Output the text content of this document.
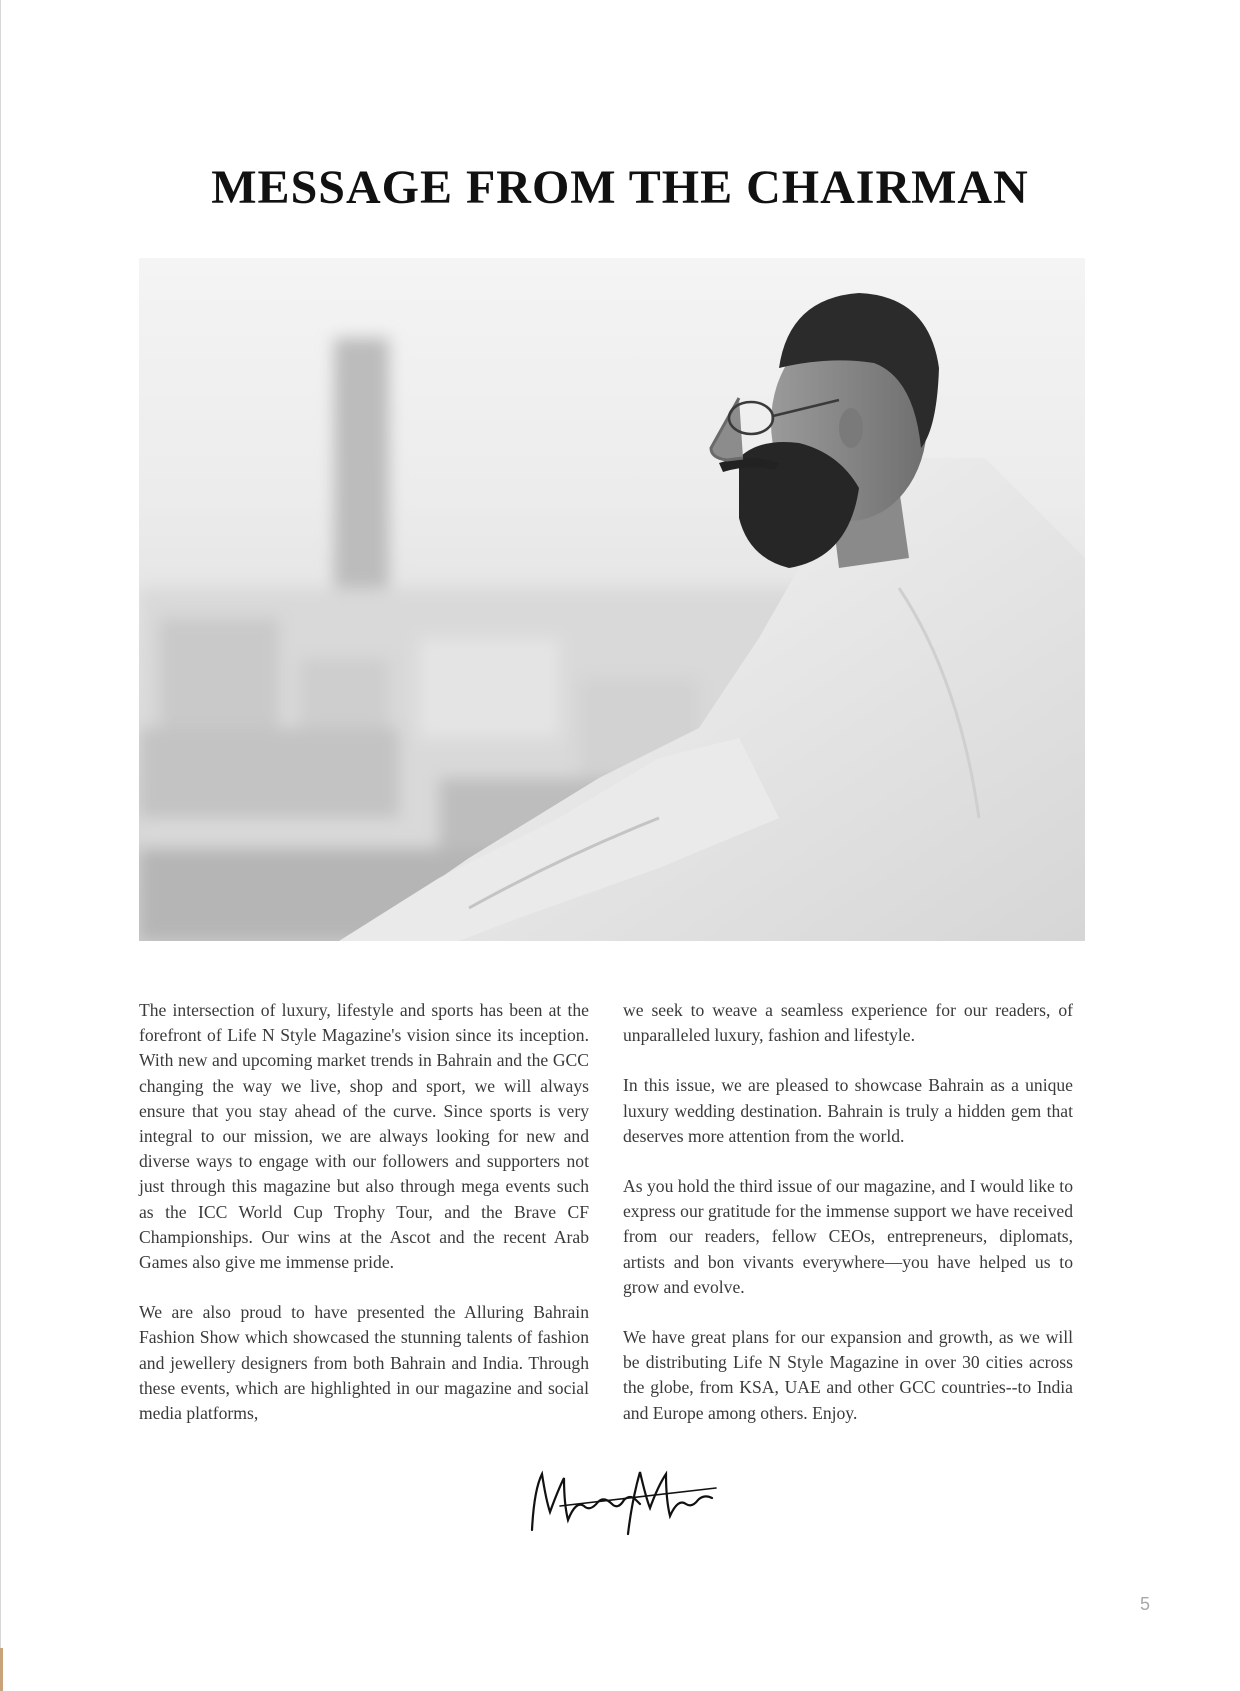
MESSAGE FROM THE CHAIRMAN

The intersection of luxury, lifestyle and sports has been at the forefront of Life N Style Magazine's vision since its inception. With new and upcoming market trends in Bahrain and the GCC changing the way we live, shop and sport, we will always ensure that you stay ahead of the curve. Since sports is very integral to our mission, we are always looking for new and diverse ways to engage with our followers and supporters not just through this magazine but also through mega events such as the ICC World Cup Trophy Tour, and the Brave CF Championships. Our wins at the Ascot and the recent Arab Games also give me immense pride.

We are also proud to have presented the Alluring Bahrain Fashion Show which showcased the stunning talents of fashion and jewellery designers from both Bahrain and India. Through these events, which are highlighted in our magazine and social media platforms,

we seek to weave a seamless experience for our readers, of unparalleled luxury, fashion and lifestyle.

In this issue, we are pleased to showcase Bahrain as a unique luxury wedding destination. Bahrain is truly a hidden gem that deserves more attention from the world.

As you hold the third issue of our magazine, and I would like to express our gratitude for the immense support we have received from our readers, fellow CEOs, entrepreneurs, diplomats, artists and bon vivants everywhere—you have helped us to grow and evolve.

We have great plans for our expansion and growth, as we will be distributing Life N Style Magazine in over 30 cities across the globe, from KSA, UAE and other GCC countries--to India and Europe among others. Enjoy.

5
